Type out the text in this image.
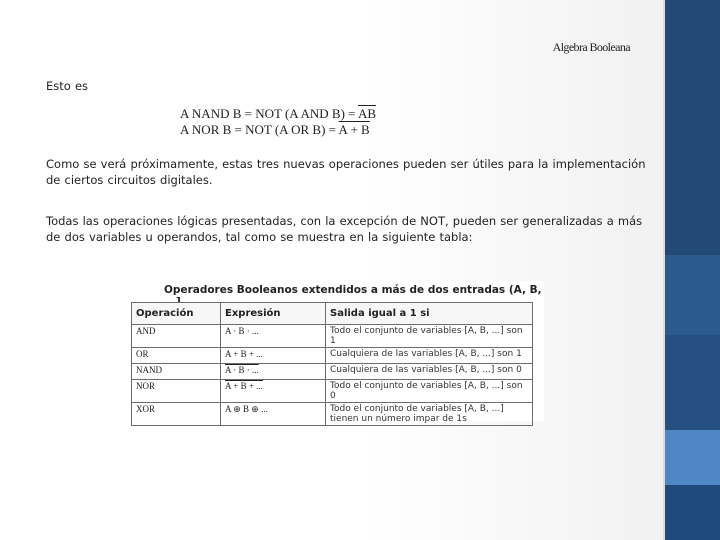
Algebra Booleana
Esto es
A NAND B = NOT (A AND $B) = \overline{AB}$
A NOR B = NOT (A OR B) = A + B
Como se verá próximamente, estas tres nuevas operaciones pueden ser útiles para la implementación de ciertos circuitos digitales.
Todas las operaciones lógicas presentadas, con la excepción de NOT, pueden ser generalizadas a más de dos variables u operandos, tal como se muestra en la siguiente tabla:
Operadores Booleanos extendidos a más de dos entradas (A, B,
Operación	Expresión	Salida igual a 1 si
AND	A · B · ...	Todo el conjunto de variables [A, B, ...] son 1
OR	A + B + ...	Cualquiera de las variables [A, B, ...] son 1
NAND	A · B · ...	Cualquiera de las variables [A, B, ...] son 0
NOR	A + B + ...	Todo el conjunto de variables [A, B, ...] son 0
XOR	A ⊕ B ⊕ ...	Todo el conjunto de variables [A, B, ...] tienen un número impar de 1s
